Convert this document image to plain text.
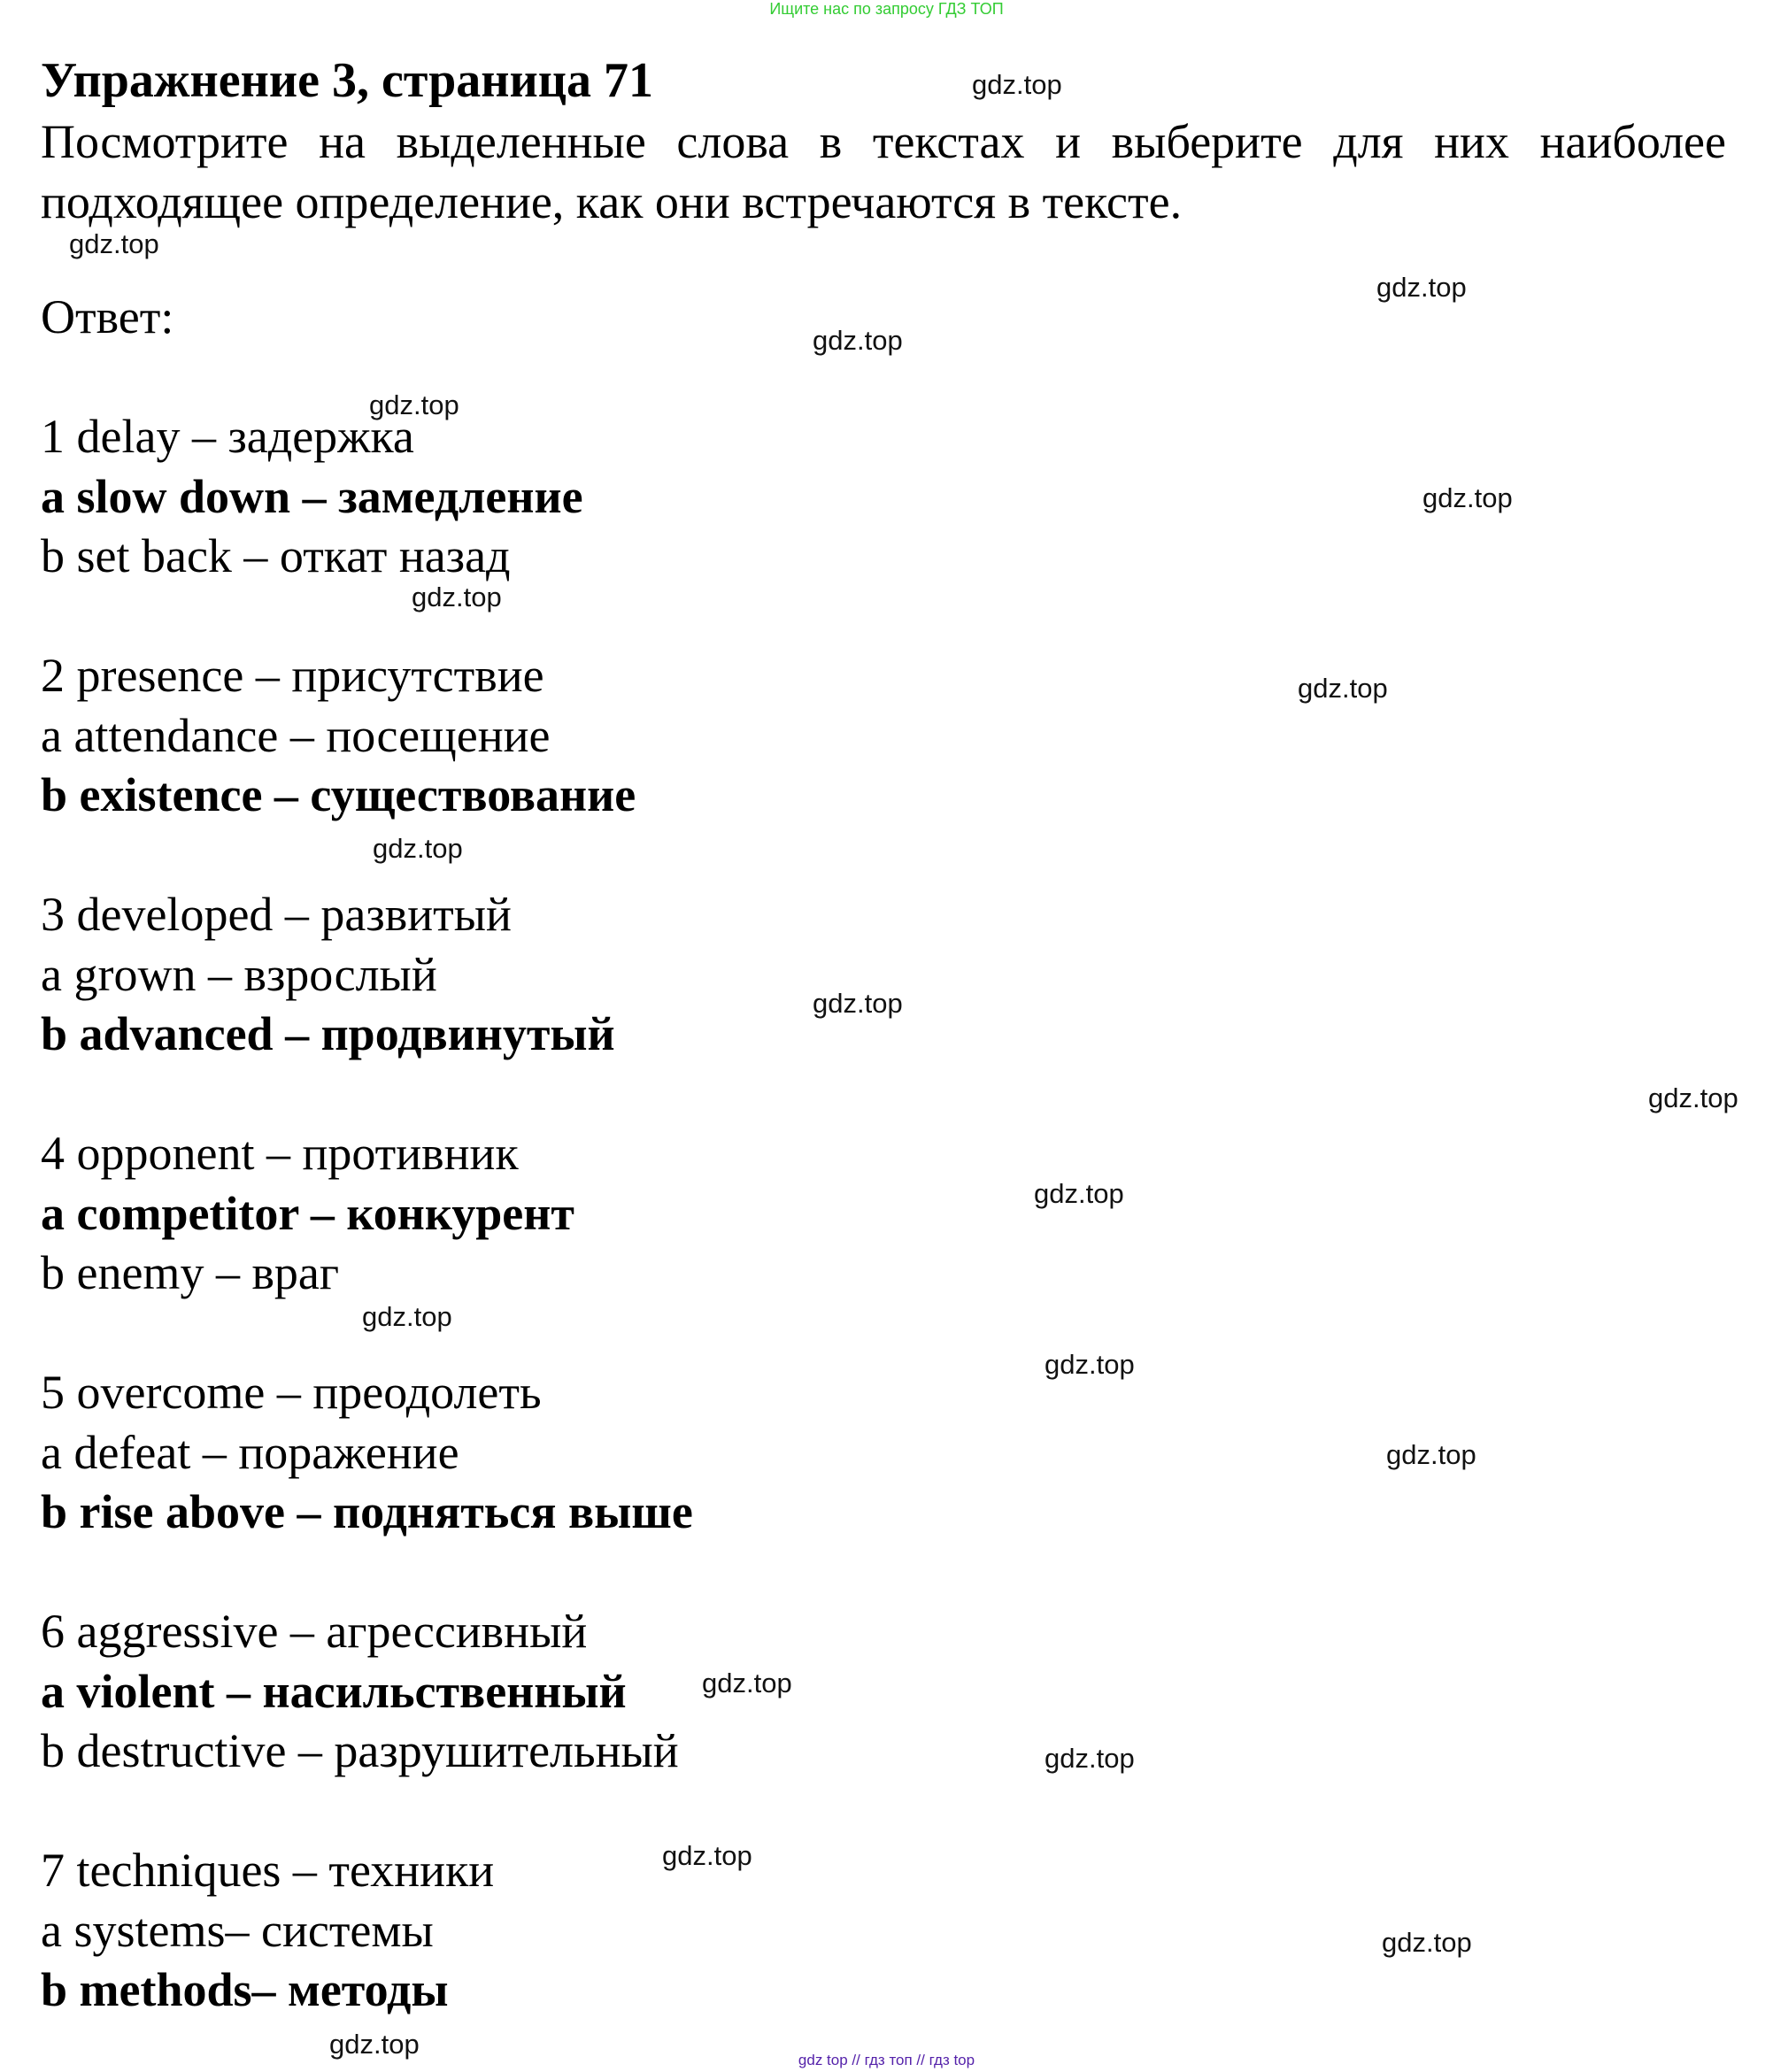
Ищите нас по запросу ГДЗ ТОП
Упражнение 3, страница 71
Посмотрите на выделенные слова в текстах и выберите для них наиболее подходящее определение, как они встречаются в тексте.
Ответ:
1 delay – задержка
a slow down – замедление
b set back – откат назад
2 presence – присутствие
a attendance – посещение
b existence – существование
3 developed – развитый
a grown – взрослый
b advanced – продвинутый
4 opponent – противник
a competitor – конкурент
b enemy – враг
5 overcome – преодолеть
a defeat – поражение
b rise above – подняться выше
6 aggressive – агрессивный
a violent – насильственный
b destructive – разрушительный
7 techniques – техники
a systems– системы
b methods– методы
gdz.top
gdz.top
gdz.top
gdz.top
gdz.top
gdz.top
gdz.top
gdz.top
gdz.top
gdz.top
gdz.top
gdz.top
gdz.top
gdz.top
gdz.top
gdz.top
gdz.top
gdz.top
gdz.top
gdz.top
gdz top // гдз топ // гдз top
